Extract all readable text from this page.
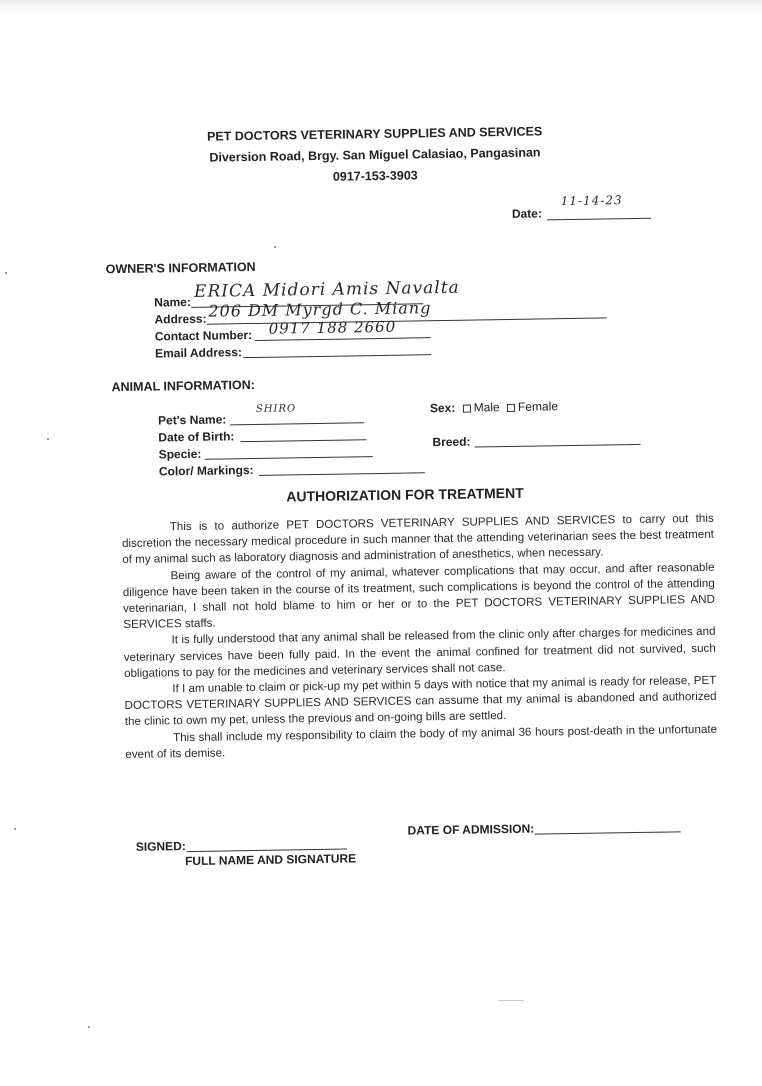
PET DOCTORS VETERINARY SUPPLIES AND SERVICES
Diversion Road, Brgy. San Miguel Calasiao, Pangasinan
0917-153-3903
Date:
11-14-23
OWNER'S INFORMATION
Name:
ERICA Midori Amis Navalta
Address: 206 DM Myrgd C. Miang
Contact Number: 0917 188 2660
Email Address:
ANIMAL INFORMATION:
Pet's Name:
SHIRO
Date of Birth:
Specie:
Color/ Markings:
Sex: Male Female
Breed:
AUTHORIZATION FOR TREATMENT

This is to authorize PET DOCTORS VETERINARY SUPPLIES AND SERVICES to carry out this discretion the necessary medical procedure in such manner that the attending veterinarian sees the best treatment of my animal such as laboratory diagnosis and administration of anesthetics, when necessary.

Being aware of the control of my animal, whatever complications that may occur, and after reasonable diligence have been taken in the course of its treatment, such complications is beyond the control of the attending veterinarian, I shall not hold blame to him or her or to the PET DOCTORS VETERINARY SUPPLIES AND SERVICES staffs.

It is fully understood that any animal shall be released from the clinic only after charges for medicines and veterinary services have been fully paid. In the event the animal confined for treatment did not survived, such obligations to pay for the medicines and veterinary services shall not case.

If I am unable to claim or pick-up my pet within 5 days with notice that my animal is ready for release, PET DOCTORS VETERINARY SUPPLIES AND SERVICES can assume that my animal is abandoned and authorized the clinic to own my pet, unless the previous and on-going bills are settled.

This shall include my responsibility to claim the body of my animal 36 hours post-death in the unfortunate event of its demise.

SIGNED:
FULL NAME AND SIGNATURE
DATE OF ADMISSION:
